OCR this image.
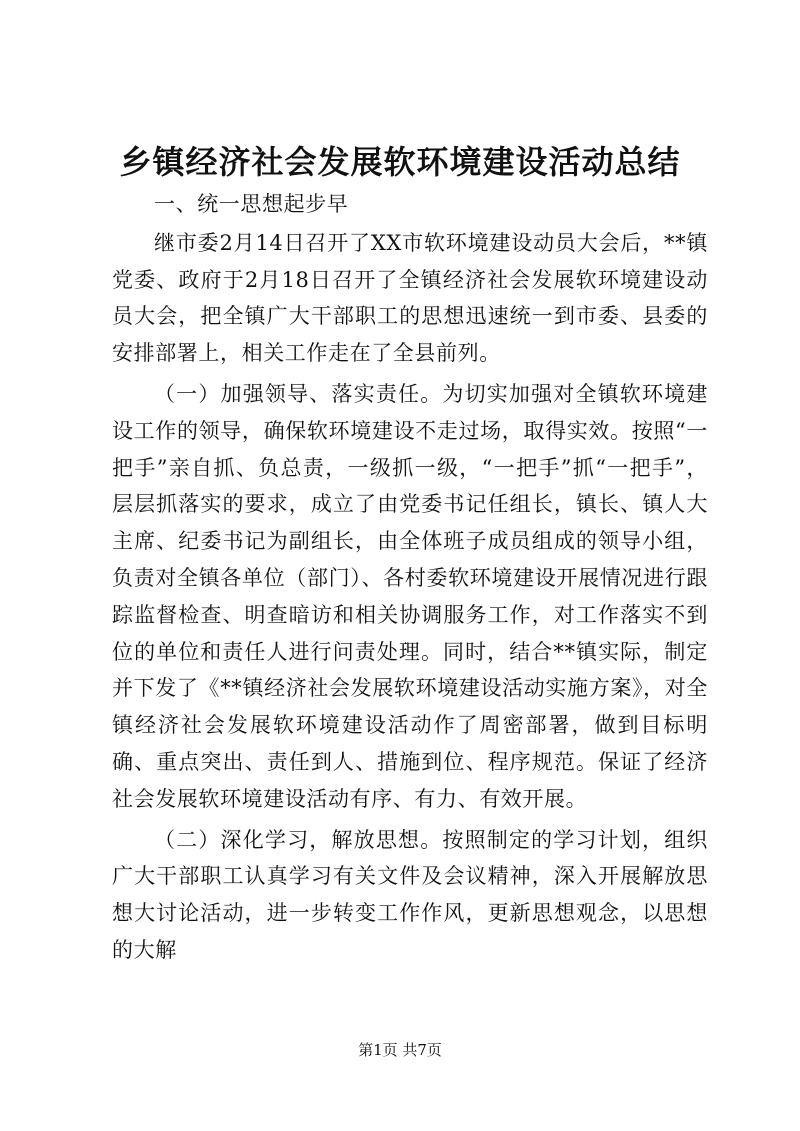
乡镇经济社会发展软环境建设活动总结

一、统一思想起步早

继市委2月14日召开了XX市软环境建设动员大会后，**镇党委、政府于2月18日召开了全镇经济社会发展软环境建设动员大会，把全镇广大干部职工的思想迅速统一到市委、县委的安排部署上，相关工作走在了全县前列。

（一）加强领导、落实责任。为切实加强对全镇软环境建设工作的领导，确保软环境建设不走过场，取得实效。按照“一把手”亲自抓、负总责，一级抓一级，“一把手”抓“一把手”，层层抓落实的要求，成立了由党委书记任组长，镇长、镇人大主席、纪委书记为副组长，由全体班子成员组成的领导小组，负责对全镇各单位（部门）、各村委软环境建设开展情况进行跟踪监督检查、明查暗访和相关协调服务工作，对工作落实不到位的单位和责任人进行问责处理。同时，结合**镇实际，制定并下发了《**镇经济社会发展软环境建设活动实施方案》，对全镇经济社会发展软环境建设活动作了周密部署，做到目标明确、重点突出、责任到人、措施到位、程序规范。保证了经济社会发展软环境建设活动有序、有力、有效开展。

（二）深化学习，解放思想。按照制定的学习计划，组织广大干部职工认真学习有关文件及会议精神，深入开展解放思想大讨论活动，进一步转变工作作风，更新思想观念，以思想的大解

第1页 共7页
